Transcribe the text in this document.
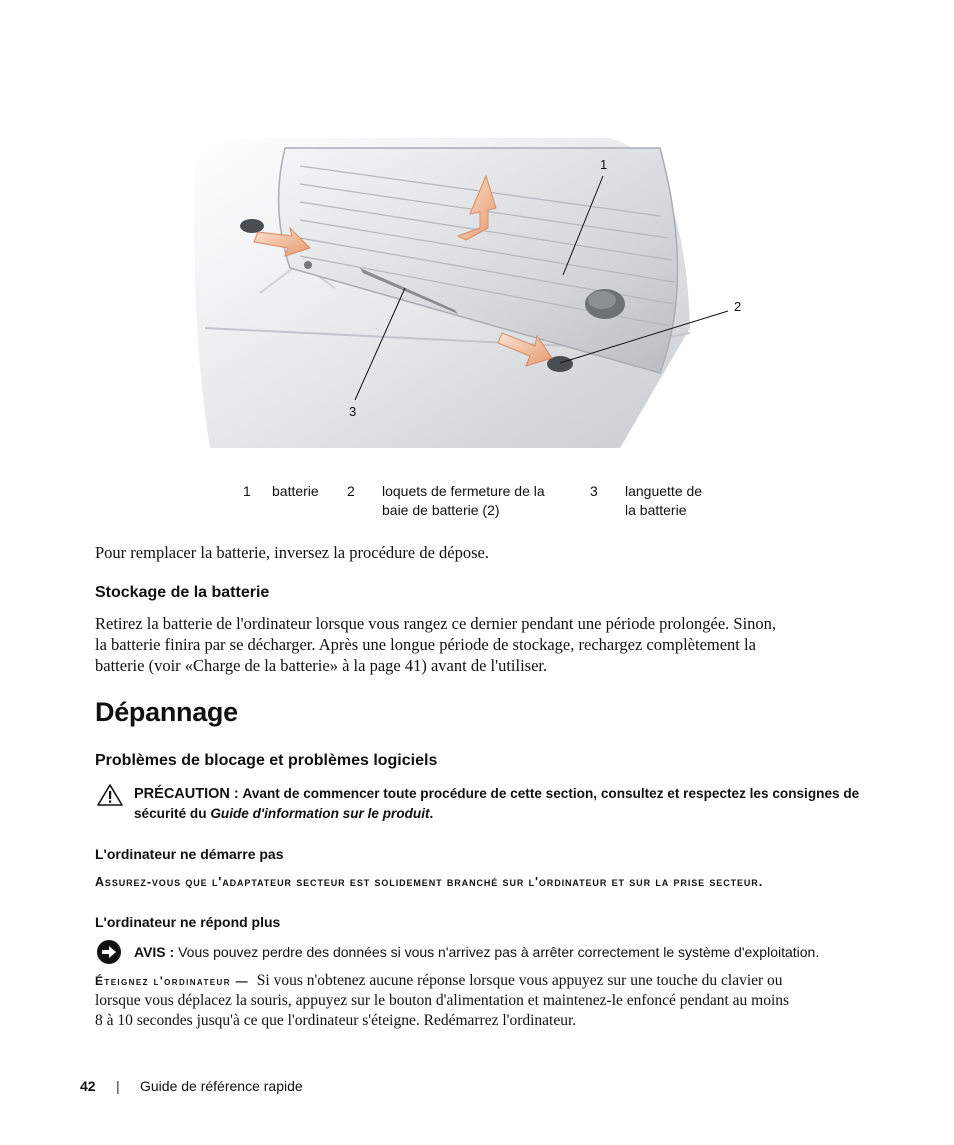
1
2
3
1 batterie 2 loquets de fermeture de la
baie de batterie (2)
3 languette de
la batterie
Pour remplacer la batterie, inversez la procédure de dépose.
Stockage de la batterie
Retirez la batterie de l'ordinateur lorsque vous rangez ce dernier pendant une période prolongée. Sinon,
la batterie finira par se décharger. Après une longue période de stockage, rechargez complètement la
batterie (voir «Charge de la batterie» à la page 41) avant de l'utiliser.
Dépannage
Problèmes de blocage et problèmes logiciels
PRÉCAUTION : Avant de commencer toute procédure de cette section, consultez et respectez les consignes de
sécurité du Guide d'information sur le produit.
L'ordinateur ne démarre pas
Assurez-vous que l'adaptateur secteur est solidement branché sur l'ordinateur et sur la prise secteur.
L'ordinateur ne répond plus
AVIS : Vous pouvez perdre des données si vous n'arrivez pas à arrêter correctement le système d'exploitation.
Éteignez l'ordinateur — Si vous n'obtenez aucune réponse lorsque vous appuyez sur une touche du clavier ou
lorsque vous déplacez la souris, appuyez sur le bouton d'alimentation et maintenez-le enfoncé pendant au moins
8 à 10 secondes jusqu'à ce que l'ordinateur s'éteigne. Redémarrez l'ordinateur.
42 | Guide de référence rapide
